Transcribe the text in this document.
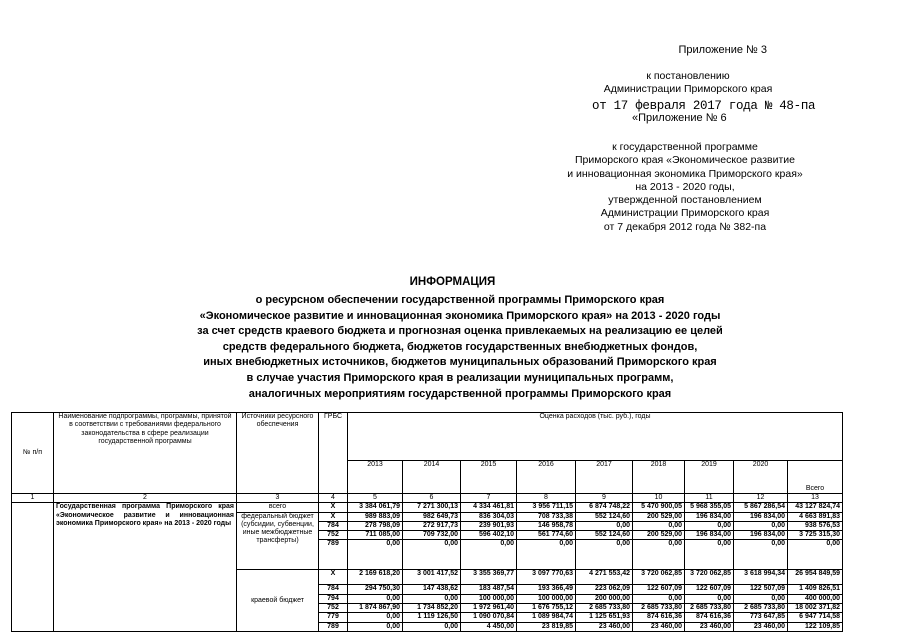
Приложение № 3
к постановлению
Администрации Приморского края
от 17 февраля 2017 года № 48-па
«Приложение № 6
к государственной программе
Приморского края «Экономическое развитие
и инновационная экономика Приморского края»
на 2013 - 2020 годы,
утвержденной постановлением
Администрации Приморского края
от 7 декабря 2012 года № 382-па
ИНФОРМАЦИЯ
о ресурсном обеспечении государственной программы Приморского края
«Экономическое развитие и инновационная экономика Приморского края» на 2013 - 2020 годы
за счет средств краевого бюджета и прогнозная оценка привлекаемых на реализацию ее целей
средств федерального бюджета, бюджетов государственных внебюджетных фондов,
иных внебюджетных источников, бюджетов муниципальных образований Приморского края
в случае участия Приморского края в реализации муниципальных программ,
аналогичных мероприятиям государственной программы Приморского края
№ п/п	Наименование подпрограммы, программы, принятой в соответствии с требованиями федерального законодательства в сфере реализации государственной программы	Источники ресурсного обеспечения	ГРБС	Оценка расходов (тыс. руб.), годы								
				2013	2014	2015	2016	2017	2018	2019	2020	Всего
1	2	3	4	5	6	7	8	9	10	11	12	13
	Государственная программа Приморского края «Экономическое развитие и инновационная экономика Приморского края» на 2013 - 2020 годы	всего	X	3 384 061,79	7 271 300,13	4 334 461,81	3 956 711,15	6 874 748,22	5 470 900,05	5 968 355,05	5 867 286,54	43 127 824,74
		федеральный бюджет (субсидии, субвенции, иные межбюджетные трансферты)	X	989 883,09	982 649,73	836 304,03	708 733,38	552 124,60	200 529,00	196 834,00	196 834,00	4 663 891,83
			784	278 798,09	272 917,73	239 901,93	146 958,78	0,00	0,00	0,00	0,00	938 576,53
			752	711 085,00	709 732,00	596 402,10	561 774,60	552 124,60	200 529,00	196 834,00	196 834,00	3 725 315,30
			789	0,00	0,00	0,00	0,00	0,00	0,00	0,00	0,00	0,00
		краевой бюджет	X	2 169 618,20	3 001 417,52	3 355 369,77	3 097 770,63	4 271 553,42	3 720 062,85	3 720 062,85	3 618 994,34	26 954 849,59
			784	294 750,30	147 438,62	183 487,54	193 366,49	223 062,09	122 607,09	122 607,09	122 507,09	1 409 826,51
			794	0,00	0,00	100 000,00	100 000,00	200 000,00	0,00	0,00	0,00	400 000,00
			752	1 874 867,90	1 734 852,20	1 972 961,40	1 676 755,12	2 685 733,80	2 685 733,80	2 685 733,80	2 685 733,80	18 002 371,82
			779	0,00	1 119 126,50	1 090 070,84	1 089 984,74	1 125 651,93	874 616,36	874 616,36	773 647,85	6 947 714,58
			789	0,00	0,00	4 450,00	23 819,85	23 460,00	23 460,00	23 460,00	23 460,00	122 109,85
